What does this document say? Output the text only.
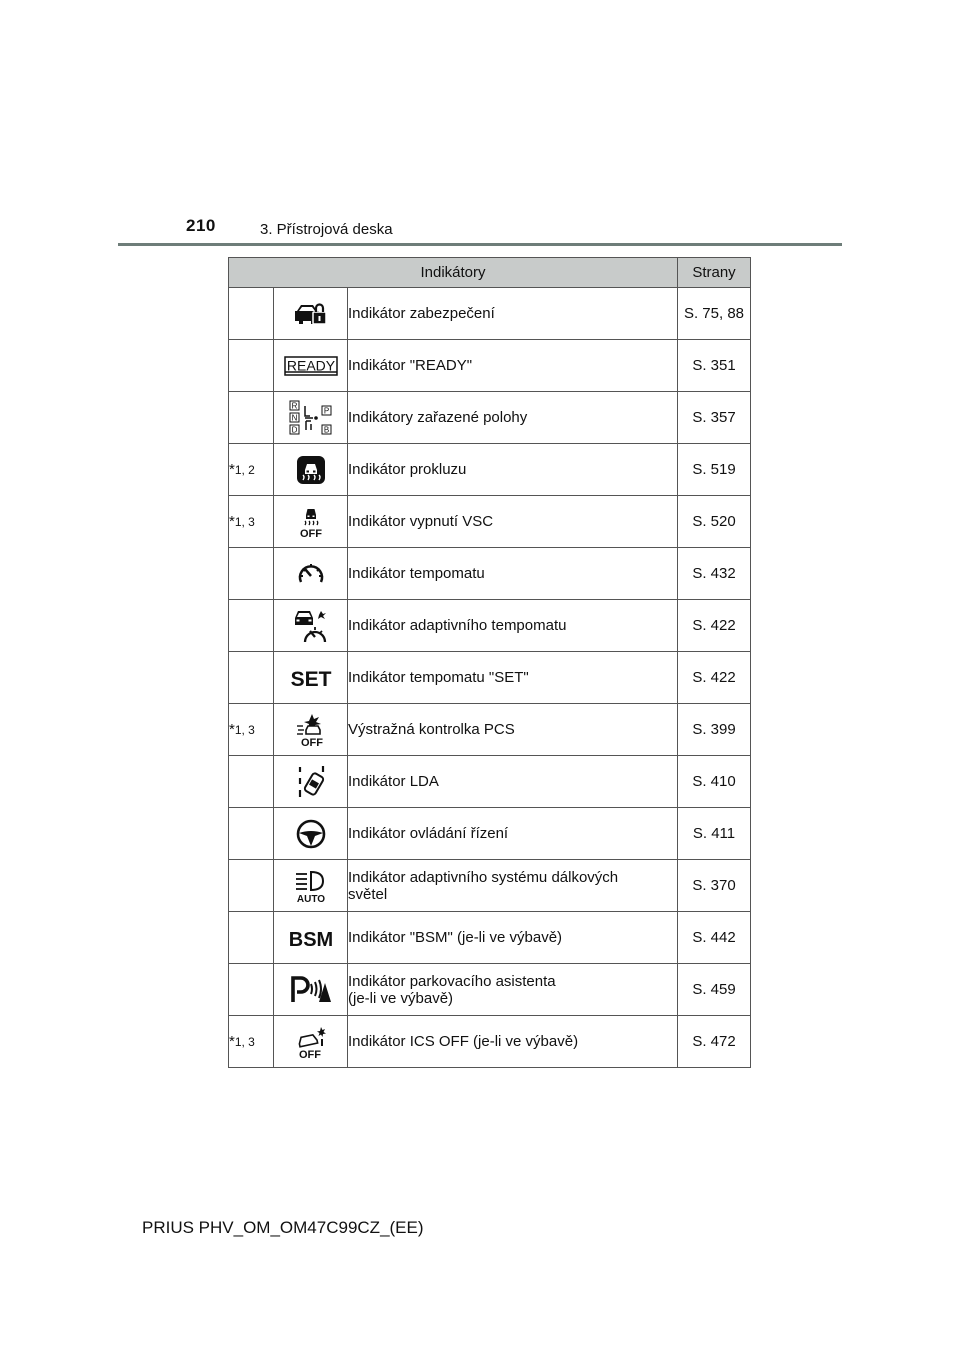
210	3. Přístrojová deska
Indikátory			Strany

	Indikátor zabezpečení	S. 75, 88

READY	Indikátor "READY"	S. 351

R
N
D
P
B	Indikátory zařazené polohy	S. 357
*1, 2		Indikátor prokluzu	S. 519
*1, 3	OFF	Indikátor vypnutí VSC	S. 520

	Indikátor tempomatu	S. 432

	Indikátor adaptivního tempomatu	S. 422

SET	Indikátor tempomatu "SET"	S. 422
*1, 3	OFF	Výstražná kontrolka PCS	S. 399

	Indikátor LDA	S. 410

	Indikátor ovládání řízení	S. 411

AUTO	Indikátor adaptivního systému dálkových
světel	S. 370

BSM	Indikátor "BSM" (je-li ve výbavě)	S. 442

	Indikátor parkovacího asistenta
(je-li ve výbavě)	S. 459
*1, 3	OFF	Indikátor ICS OFF (je-li ve výbavě)	S. 472
PRIUS PHV_OM_OM47C99CZ_(EE)
